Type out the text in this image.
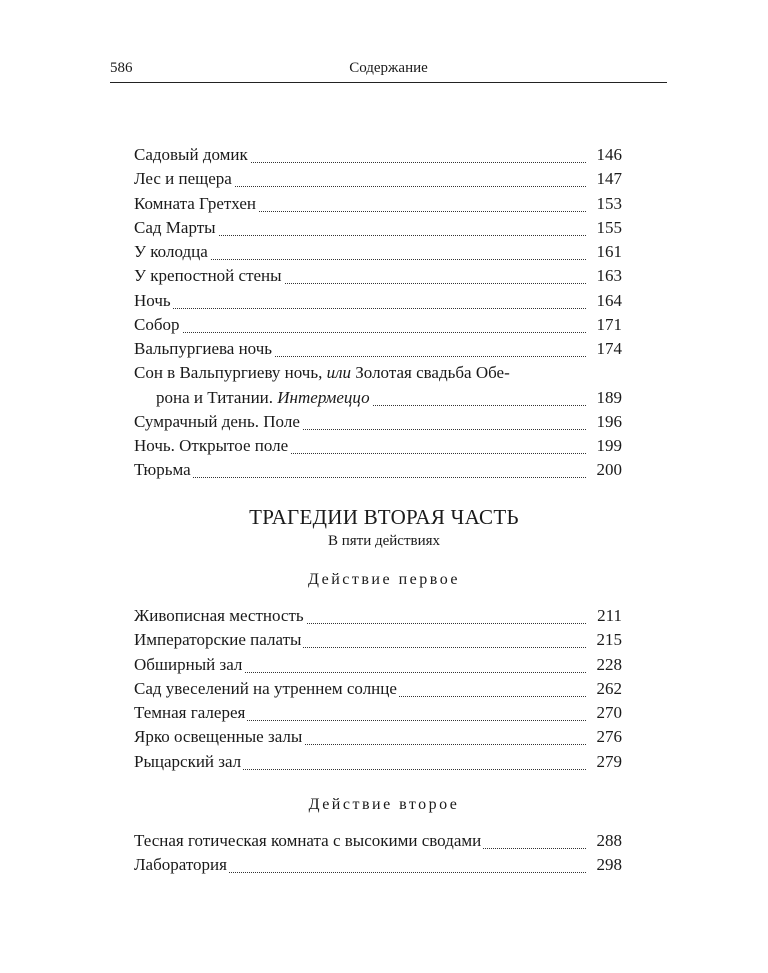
586	Содержание
Садовый домик	146
Лес и пещера	147
Комната Гретхен	153
Сад Марты	155
У колодца	161
У крепостной стены	163
Ночь	164
Собор	171
Вальпургиева ночь	174
Сон в Вальпургиеву ночь, или Золотая свадьба Обе-
рона и Титании. Интермеццо	189
Сумрачный день. Поле	196
Ночь. Открытое поле	199
Тюрьма	200
ТРАГЕДИИ ВТОРАЯ ЧАСТЬ
В пяти действиях
Действие первое
Живописная местность	211
Императорские палаты	215
Обширный зал	228
Сад увеселений на утреннем солнце	262
Темная галерея	270
Ярко освещенные залы	276
Рыцарский зал	279
Действие второе
Тесная готическая комната с высокими сводами	288
Лаборатория	298
